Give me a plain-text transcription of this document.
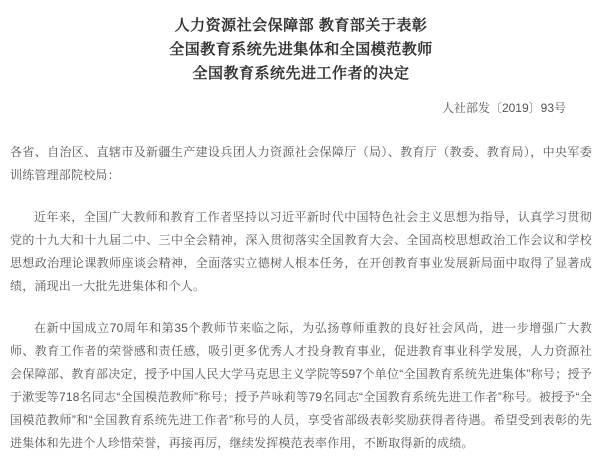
人力资源社会保障部 教育部关于表彰
全国教育系统先进集体和全国模范教师
全国教育系统先进工作者的决定
人社部发〔2019〕93号

各省、自治区、直辖市及新疆生产建设兵团人力资源社会保障厅（局）、教育厅（教委、教育局），中央军委训练管理部院校局：

近年来，全国广大教师和教育工作者坚持以习近平新时代中国特色社会主义思想为指导，认真学习贯彻党的十九大和十九届二中、三中全会精神，深入贯彻落实全国教育大会、全国高校思想政治工作会议和学校思想政治理论课教师座谈会精神，全面落实立德树人根本任务，在开创教育事业发展新局面中取得了显著成绩，涌现出一大批先进集体和个人。

在新中国成立70周年和第35个教师节来临之际，为弘扬尊师重教的良好社会风尚，进一步增强广大教师、教育工作者的荣誉感和责任感，吸引更多优秀人才投身教育事业，促进教育事业科学发展，人力资源社会保障部、教育部决定，授予中国人民大学马克思主义学院等597个单位“全国教育系统先进集体”称号；授予于漱雯等718名同志“全国模范教师”称号；授予芦咏莉等79名同志“全国教育系统先进工作者”称号。被授予“全国模范教师”和“全国教育系统先进工作者”称号的人员，享受省部级表彰奖励获得者待遇。希望受到表彰的先进集体和先进个人珍惜荣誉，再接再厉，继续发挥模范表率作用，不断取得新的成绩。
